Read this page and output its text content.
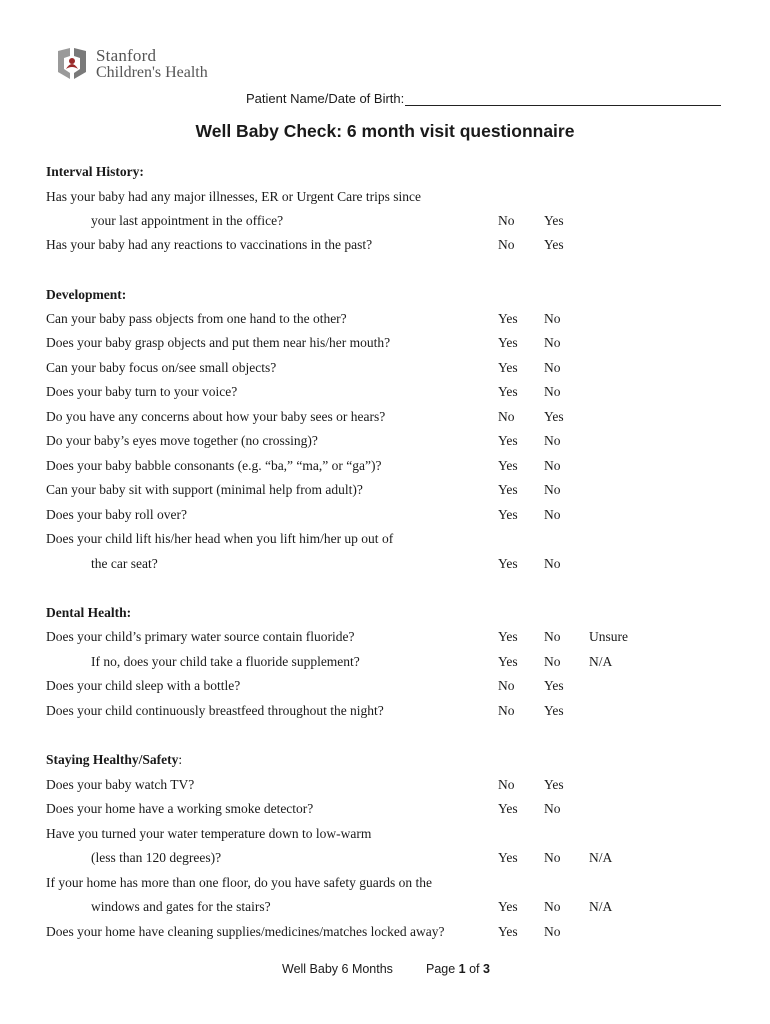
Stanford
Children's Health
Patient Name/Date of Birth:
Well Baby Check: 6 month visit questionnaire
Interval History:
Has your baby had any major illnesses, ER or Urgent Care trips since
your last appointment in the office?	No Yes
Has your baby had any reactions to vaccinations in the past?	No Yes
Development:
Can your baby pass objects from one hand to the other?	Yes No
Does your baby grasp objects and put them near his/her mouth?	Yes No
Can your baby focus on/see small objects?	Yes No
Does your baby turn to your voice?	Yes No
Do you have any concerns about how your baby sees or hears?	No Yes
Do your baby’s eyes move together (no crossing)?	Yes No
Does your baby babble consonants (e.g. “ba,” “ma,” or “ga”)?	Yes No
Can your baby sit with support (minimal help from adult)?	Yes No
Does your baby roll over?	Yes No
Does your child lift his/her head when you lift him/her up out of
the car seat?	Yes No
Dental Health:
Does your child’s primary water source contain fluoride?	Yes No Unsure
If no, does your child take a fluoride supplement?	Yes No N/A
Does your child sleep with a bottle?	No Yes
Does your child continuously breastfeed throughout the night?	No Yes
Staying Healthy/Safety:
Does your baby watch TV?	No Yes
Does your home have a working smoke detector?	Yes No
Have you turned your water temperature down to low-warm
(less than 120 degrees)?	Yes No N/A
If your home has more than one floor, do you have safety guards on the
windows and gates for the stairs?	Yes No N/A
Does your home have cleaning supplies/medicines/matches locked away?	Yes No
Well Baby 6 Months	Page 1 of 3
